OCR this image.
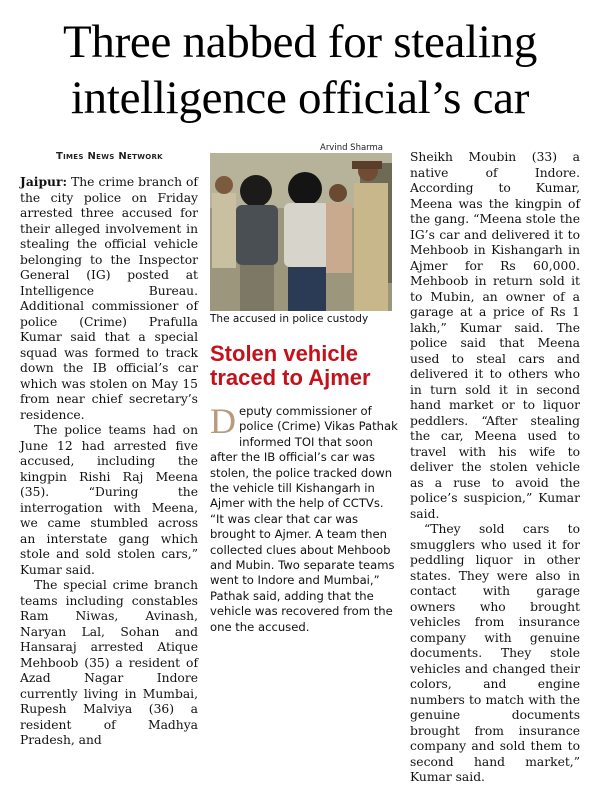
Three nabbed for stealing
intelligence official’s car
Times News Network

Jaipur: The crime branch of the city police on Friday arrested three accused for their alleged involvement in stealing the official vehicle belonging to the Inspector General (IG) posted at Intelligence Bureau. Additional commissioner of police (Crime) Prafulla Kumar said that a special squad was formed to track down the IB official’s car which was stolen on May 15 from near chief secretary’s residence.

The police teams had on June 12 had arrested five accused, including the kingpin Rishi Raj Meena (35). “During the interrogation with Meena, we came stumbled across an interstate gang which stole and sold stolen cars,” Kumar said.

The special crime branch teams including constables Ram Niwas, Avinash, Naryan Lal, Sohan and Hansaraj arrested Atique Mehboob (35) a resident of Azad Nagar Indore currently living in Mumbai, Rupesh Malviya (36) a resident of Madhya Pradesh, and

Arvind Sharma
The accused in police custody
Stolen vehicle traced to Ajmer
Deputy commissioner of police (Crime) Vikas Pathak informed TOI that soon after the IB official’s car was stolen, the police tracked down the vehicle till Kishangarh in Ajmer with the help of CCTVs. “It was clear that car was brought to Ajmer. A team then collected clues about Mehboob and Mubin. Two separate teams went to Indore and Mumbai,” Pathak said, adding that the vehicle was recovered from the one the accused.

Sheikh Moubin (33) a native of Indore. According to Kumar, Meena was the kingpin of the gang. “Meena stole the IG’s car and delivered it to Mehboob in Kishangarh in Ajmer for Rs 60,000. Mehboob in return sold it to Mubin, an owner of a garage at a price of Rs 1 lakh,” Kumar said. The police said that Meena used to steal cars and delivered it to others who in turn sold it in second hand market or to liquor peddlers. “After stealing the car, Meena used to travel with his wife to deliver the stolen vehicle as a ruse to avoid the police’s suspicion,” Kumar said.

“They sold cars to smugglers who used it for peddling liquor in other states. They were also in contact with garage owners who brought vehicles from insurance company with genuine documents. They stole vehicles and changed their colors, and engine numbers to match with the genuine documents brought from insurance company and sold them to second hand market,” Kumar said.
